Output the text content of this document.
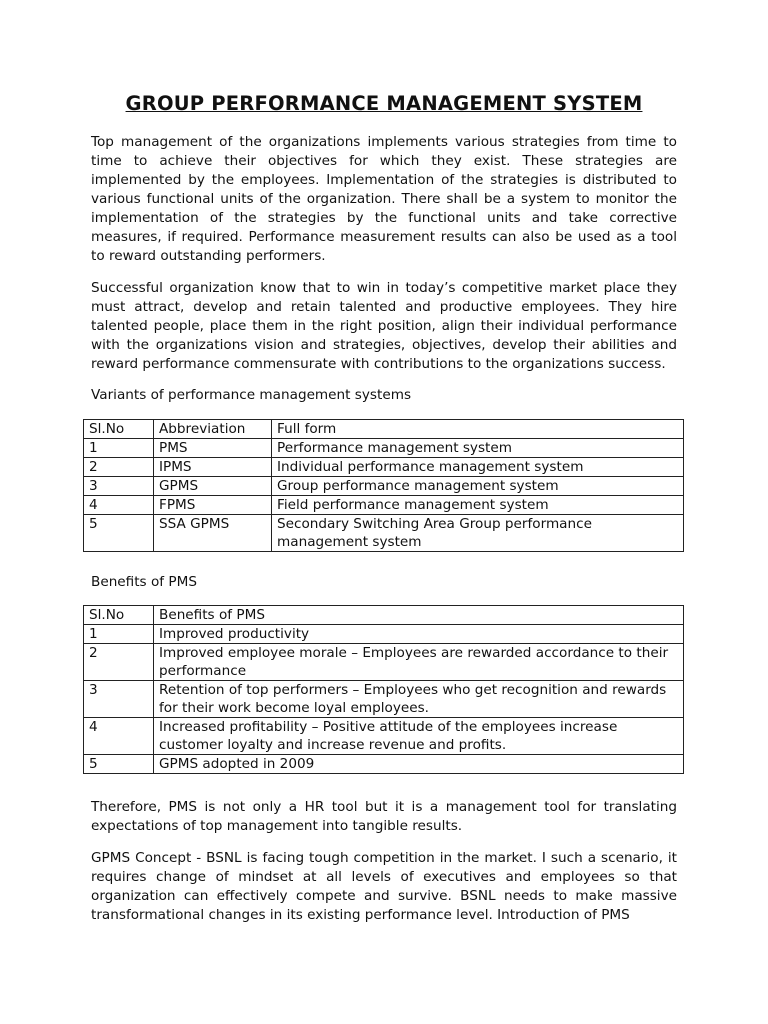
GROUP PERFORMANCE MANAGEMENT SYSTEM
Top management of the organizations implements various strategies from time to time to achieve their objectives for which they exist. These strategies are implemented by the employees. Implementation of the strategies is distributed to various functional units of the organization. There shall be a system to monitor the implementation of the strategies by the functional units and take corrective measures, if required. Performance measurement results can also be used as a tool to reward outstanding performers.
Successful organization know that to win in today’s competitive market place they must attract, develop and retain talented and productive employees. They hire talented people, place them in the right position, align their individual performance with the organizations vision and strategies, objectives, develop their abilities and reward performance commensurate with contributions to the organizations success.
Variants of performance management systems
Sl.No	Abbreviation	Full form
1	PMS	Performance management system
2	IPMS	Individual performance management system
3	GPMS	Group performance management system
4	FPMS	Field performance management system
5	SSA GPMS	Secondary Switching Area Group performance management system
Benefits of PMS
Sl.No	Benefits of PMS
1	Improved productivity
2	Improved employee morale – Employees are rewarded accordance to their performance
3	Retention of top performers – Employees who get recognition and rewards for their work become loyal employees.
4	Increased profitability – Positive attitude of the employees increase customer loyalty and increase revenue and profits.
5	GPMS adopted in 2009
Therefore, PMS is not only a HR tool but it is a management tool for translating expectations of top management into tangible results.
GPMS Concept - BSNL is facing tough competition in the market. I such a scenario, it requires change of mindset at all levels of executives and employees so that organization can effectively compete and survive. BSNL needs to make massive transformational changes in its existing performance level. Introduction of PMS
